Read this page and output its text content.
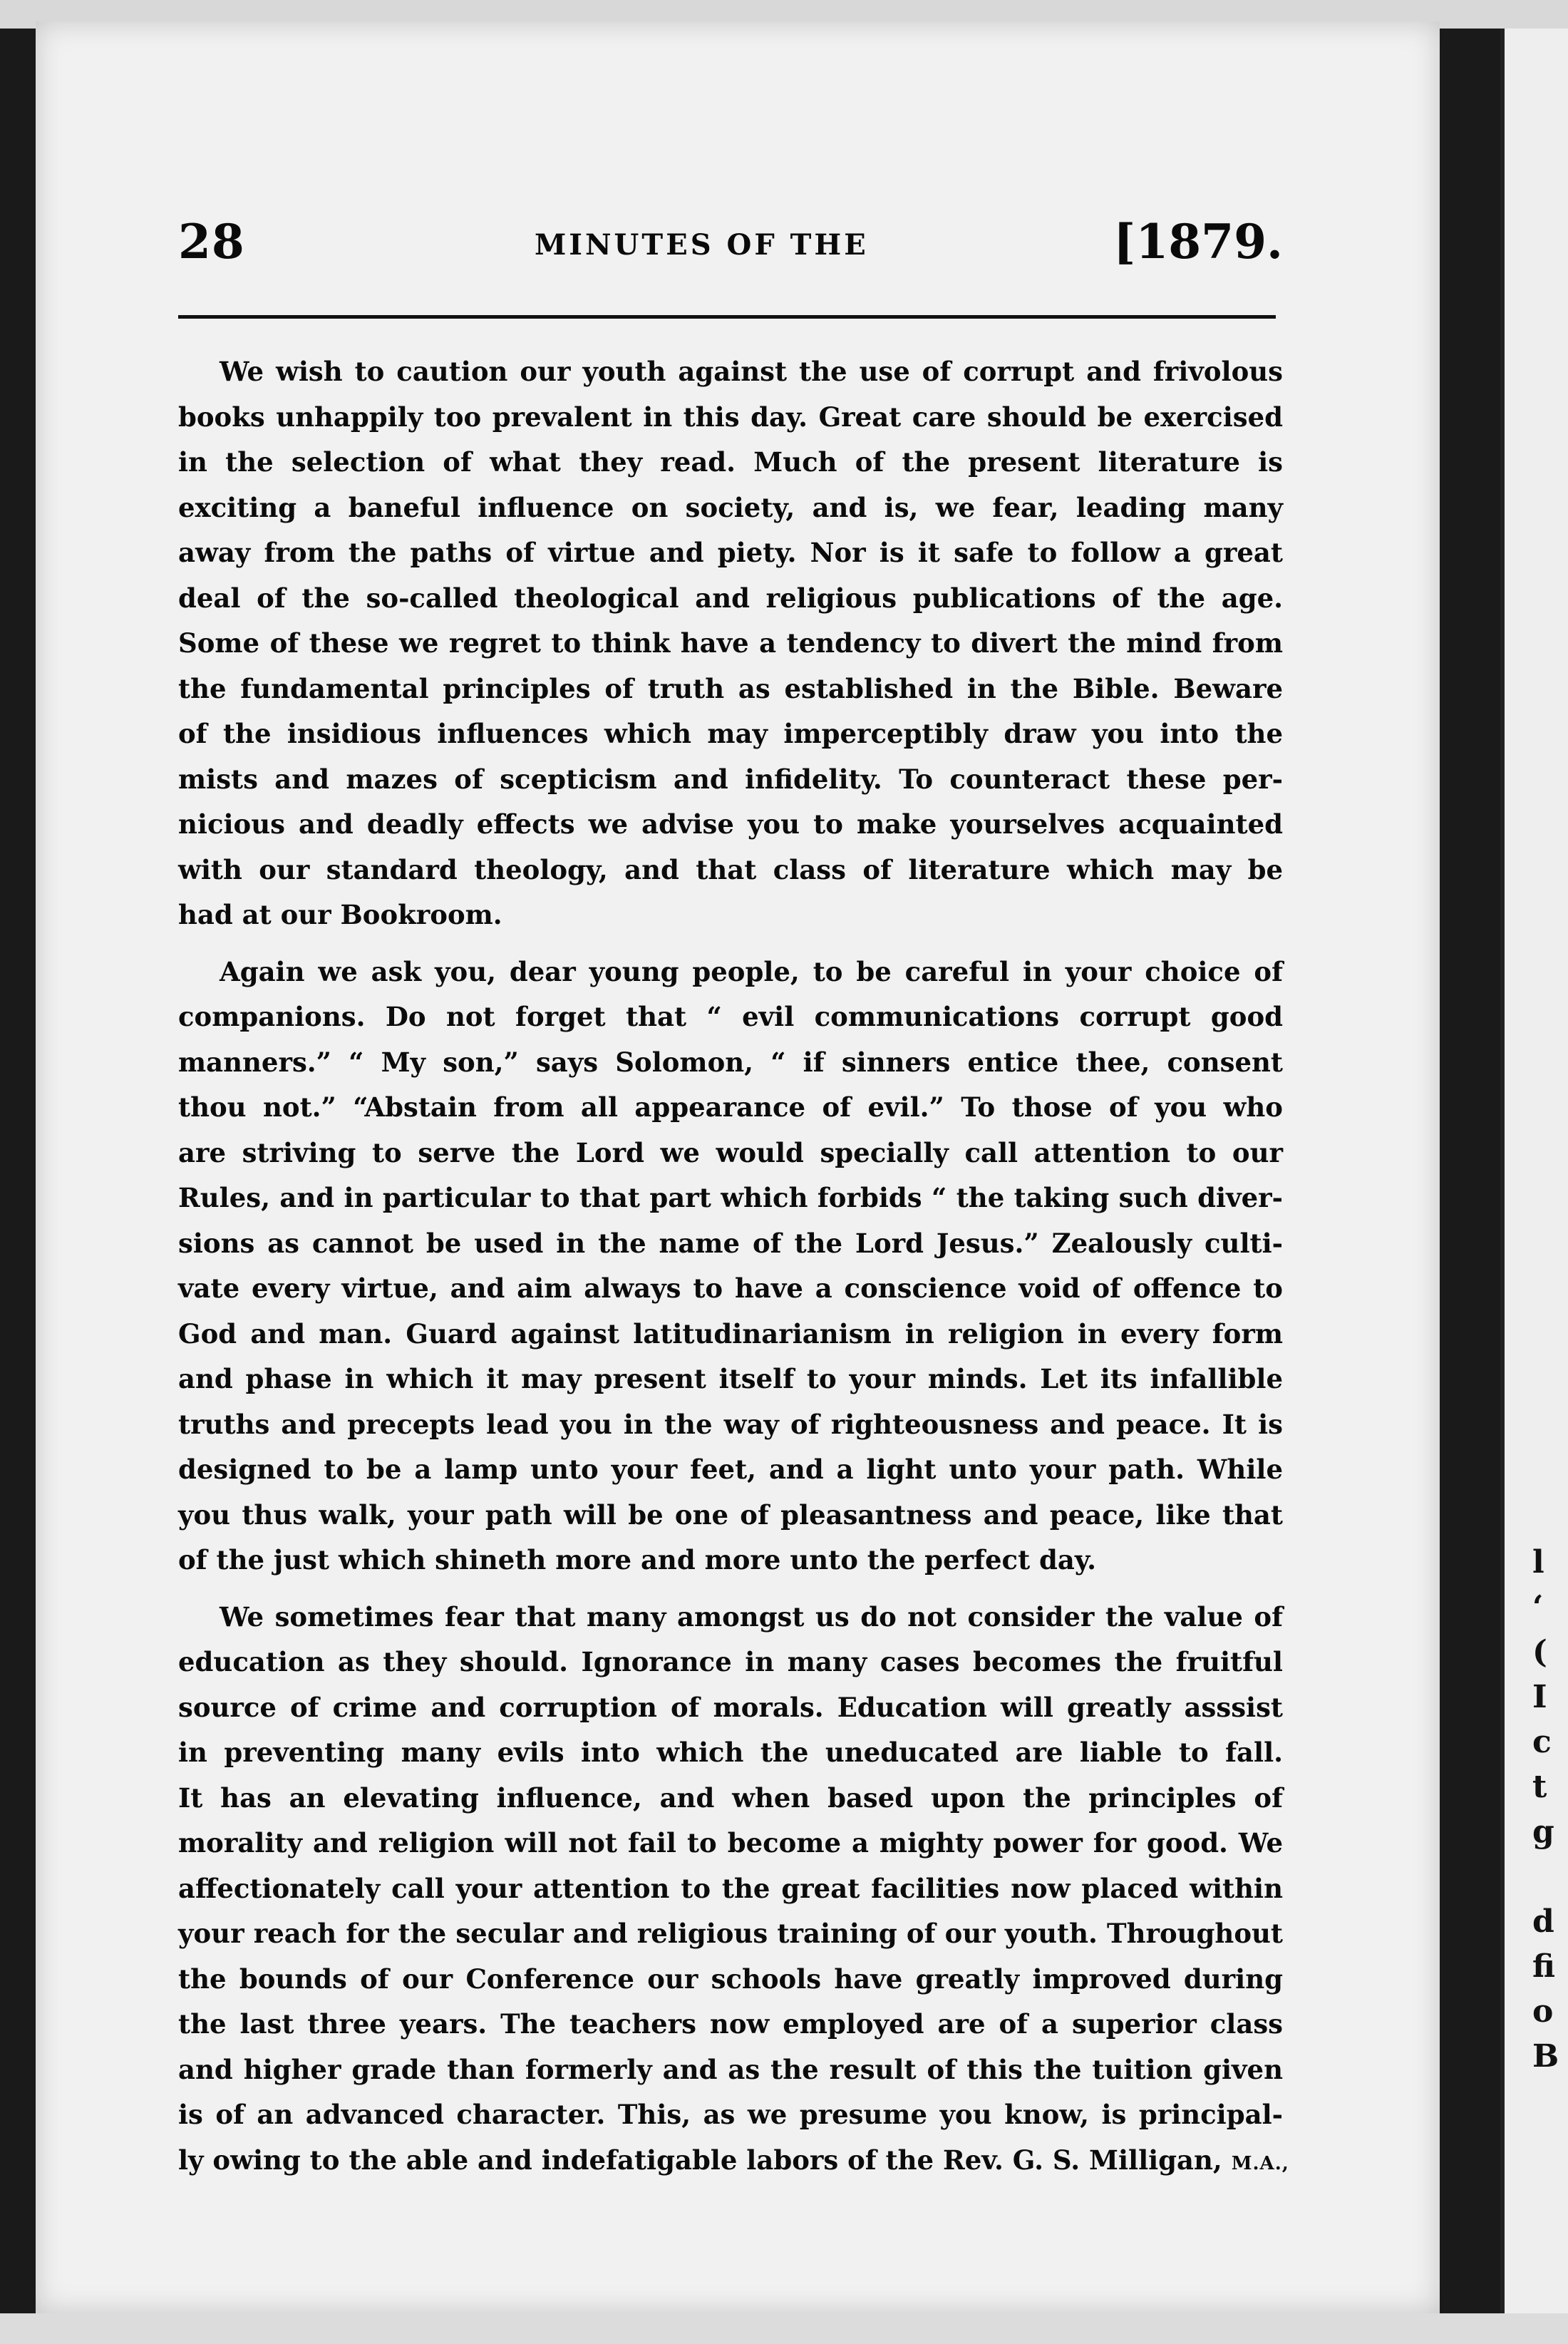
l
‘
(
I
c
t
g
d
fi
o
B
28	MINUTES OF THE	[1879.
We wish to caution our youth against the use of corrupt and frivolous
books unhappily too prevalent in this day. Great care should be exercised
in the selection of what they read. Much of the present literature is
exciting a baneful influence on society, and is, we fear, leading many
away from the paths of virtue and piety. Nor is it safe to follow a great
deal of the so-called theological and religious publications of the age.
Some of these we regret to think have a tendency to divert the mind from
the fundamental principles of truth as established in the Bible. Beware
of the insidious influences which may imperceptibly draw you into the
mists and mazes of scepticism and infidelity. To counteract these per-
nicious and deadly effects we advise you to make yourselves acquainted
with our standard theology, and that class of literature which may be
had at our Bookroom.
Again we ask you, dear young people, to be careful in your choice of
companions. Do not forget that “ evil communications corrupt good
manners.” “ My son,” says Solomon, “ if sinners entice thee, consent
thou not.” “Abstain from all appearance of evil.” To those of you who
are striving to serve the Lord we would specially call attention to our
Rules, and in particular to that part which forbids “ the taking such diver-
sions as cannot be used in the name of the Lord Jesus.” Zealously culti-
vate every virtue, and aim always to have a conscience void of offence to
God and man. Guard against latitudinarianism in religion in every form
and phase in which it may present itself to your minds. Let its infallible
truths and precepts lead you in the way of righteousness and peace. It is
designed to be a lamp unto your feet, and a light unto your path. While
you thus walk, your path will be one of pleasantness and peace, like that
of the just which shineth more and more unto the perfect day.
We sometimes fear that many amongst us do not consider the value of
education as they should. Ignorance in many cases becomes the fruitful
source of crime and corruption of morals. Education will greatly asssist
in preventing many evils into which the uneducated are liable to fall.
It has an elevating influence, and when based upon the principles of
morality and religion will not fail to become a mighty power for good. We
affectionately call your attention to the great facilities now placed within
your reach for the secular and religious training of our youth. Throughout
the bounds of our Conference our schools have greatly improved during
the last three years. The teachers now employed are of a superior class
and higher grade than formerly and as the result of this the tuition given
is of an advanced character. This, as we presume you know, is principal-
ly owing to the able and indefatigable labors of the Rev. G. S. Milligan, M.A.,
